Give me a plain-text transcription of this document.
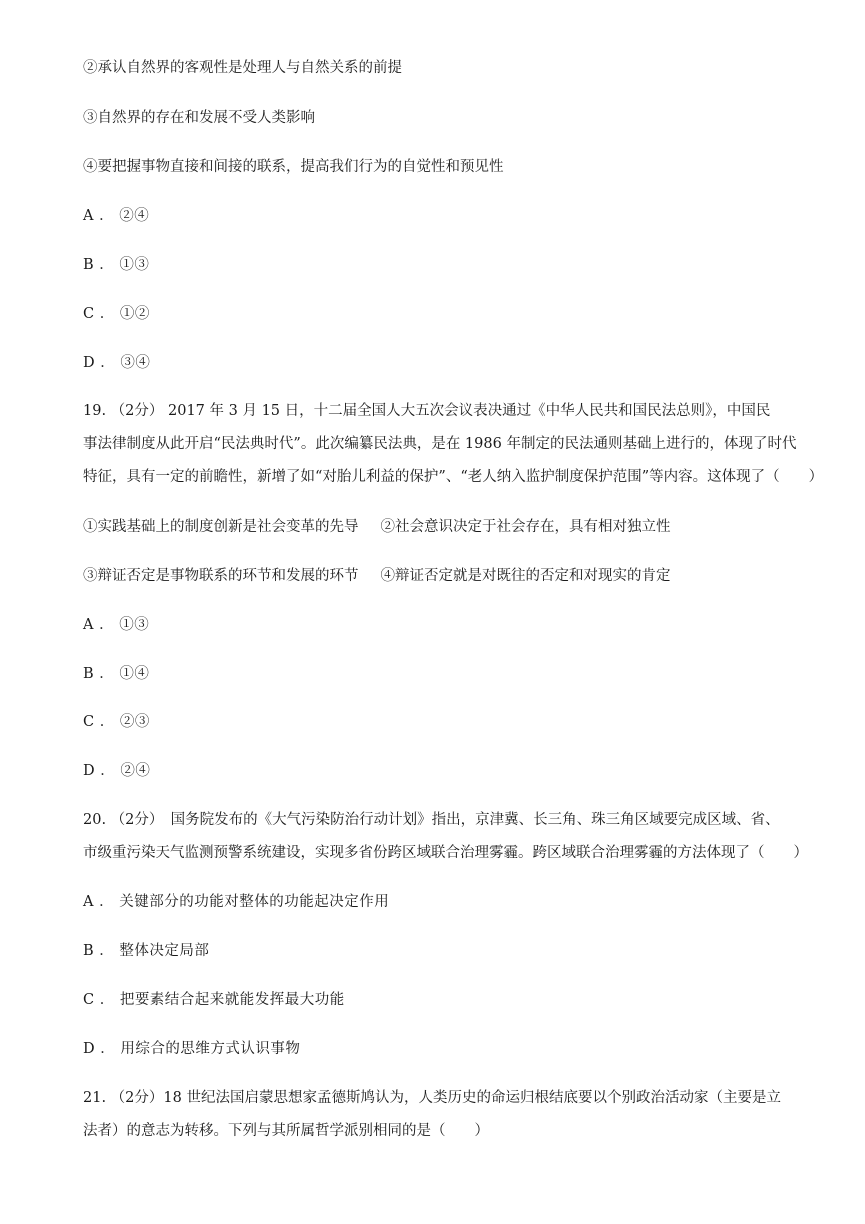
②承认自然界的客观性是处理人与自然关系的前提
③自然界的存在和发展不受人类影响
④要把握事物直接和间接的联系，提高我们行为的自觉性和预见性
A ． ②④
B ． ①③
C ． ①②
D ． ③④
19. （2分） 2017 年 3 月 15 日，十二届全国人大五次会议表决通过《中华人民共和国民法总则》，中国民
事法律制度从此开启“民法典时代”。此次编纂民法典，是在 1986 年制定的民法通则基础上进行的，体现了时代
特征，具有一定的前瞻性，新增了如“对胎儿利益的保护”、“老人纳入监护制度保护范围”等内容。这体现了（　　）
①实践基础上的制度创新是社会变革的先导 ②社会意识决定于社会存在，具有相对独立性
③辩证否定是事物联系的环节和发展的环节 ④辩证否定就是对既往的否定和对现实的肯定
A ． ①③
B ． ①④
C ． ②③
D ． ②④
20. （2分）　国务院发布的《大气污染防治行动计划》指出，京津冀、长三角、珠三角区域要完成区域、省、
市级重污染天气监测预警系统建设，实现多省份跨区域联合治理雾霾。跨区域联合治理雾霾的方法体现了（　　）
A ． 关键部分的功能对整体的功能起决定作用
B ． 整体决定局部
C ． 把要素结合起来就能发挥最大功能
D ． 用综合的思维方式认识事物
21. （2分）18 世纪法国启蒙思想家孟德斯鸠认为，人类历史的命运归根结底要以个别政治活动家（主要是立
法者）的意志为转移。下列与其所属哲学派别相同的是（　　）
